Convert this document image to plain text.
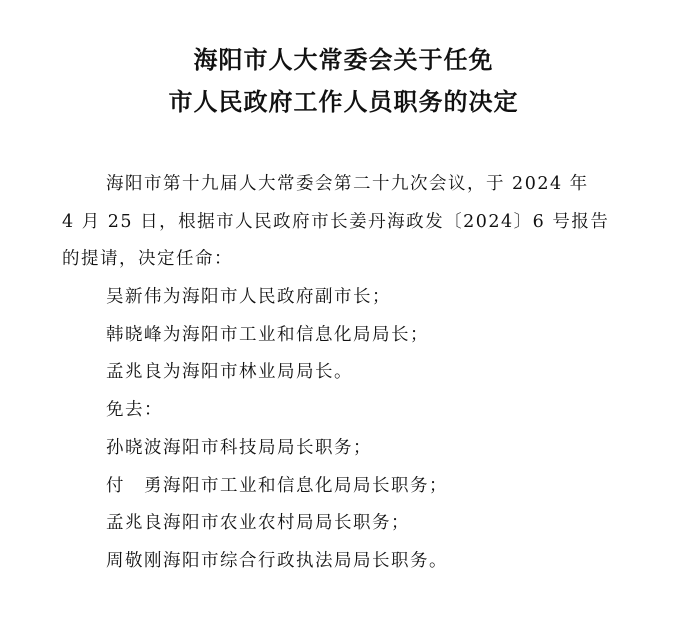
海阳市人大常委会关于任免
市人民政府工作人员职务的决定
海阳市第十九届人大常委会第二十九次会议，于 2024 年
4 月 25 日，根据市人民政府市长姜丹海政发〔2024〕6 号报告
的提请，决定任命：
吴新伟为海阳市人民政府副市长；
韩晓峰为海阳市工业和信息化局局长；
孟兆良为海阳市林业局局长。
免去：
孙晓波海阳市科技局局长职务；
付　勇海阳市工业和信息化局局长职务；
孟兆良海阳市农业农村局局长职务；
周敬刚海阳市综合行政执法局局长职务。
